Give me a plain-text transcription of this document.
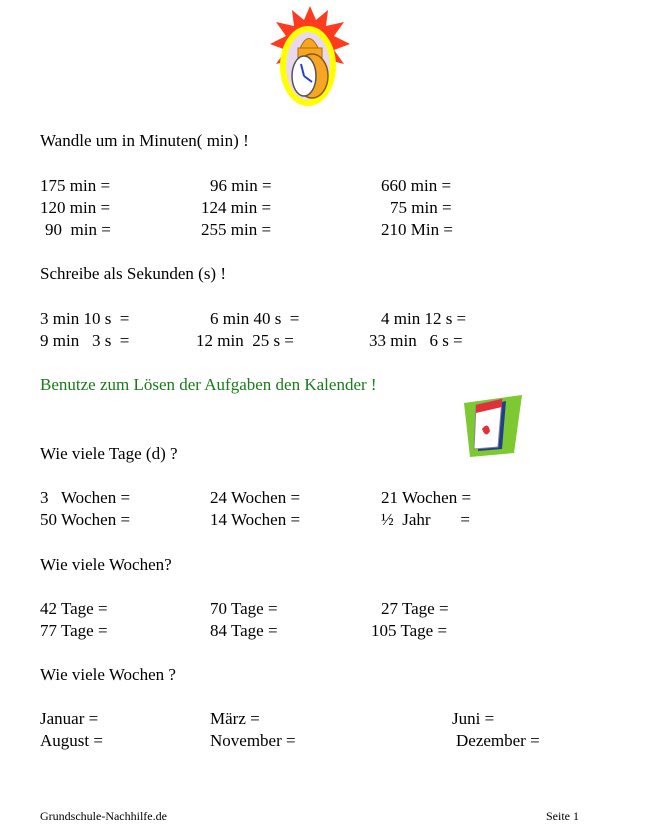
Wandle um in Minuten( min) !
175 min =	96 min =	660 min =
120 min =	124 min =	75 min =
90  min =	255 min =	210 Min =
Schreibe als Sekunden (s) !
3 min 10 s  =	6 min 40 s  =	4 min 12 s =
9 min   3 s  =	12 min  25 s =	33 min   6 s =
Benutze zum Lösen der Aufgaben den Kalender !
Wie viele Tage (d) ?
3   Wochen =	24 Wochen =	21 Wochen =
50 Wochen =	14 Wochen =	½  Jahr       =
Wie viele Wochen?
42 Tage =	70 Tage =	27 Tage =
77 Tage =	84 Tage =	105 Tage =
Wie viele Wochen ?
Januar =	März =	Juni =
August =	November =	Dezember =
Grundschule-Nachhilfe.de	Seite 1
